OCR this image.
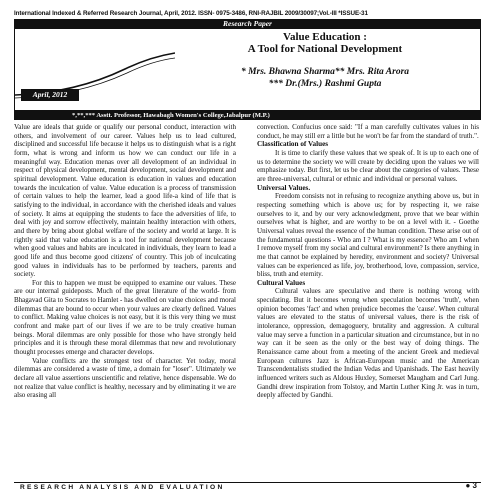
International Indexed & Referred Research Journal, April, 2012. ISSN- 0975-3486, RNI-RAJBIL 2009/30097;Vol.-III *ISSUE-31
Research Paper
Value Education :
A Tool for National Development
* Mrs. Bhawna Sharma** Mrs. Rita Arora
*** Dr.(Mrs.) Rashmi Gupta
April, 2012
*,**,*** Asstt. Professor, Hawabagh Women's College,Jabalpur (M.P.)

Value are ideals that guide or qualify our personal conduct, interaction with others, and involvement of our career. Values help us to lead cultured, disciplined and successful life because it helps us to distinguish what is a right form, what is wrong and inform us how we can conduct our life in a meaningful way. Education menas over all development of an individual in respect of physical development, mental development, social development and spiritual development. Value education is education in values and education towards the inculcation of value. Value education is a process of transmission of certain values to help the learner, lead a good life-a kind of life that is satisfying to the individual, in accordance with the cherished ideals and values of society. It aims at equipping the students to face the adversities of life, to deal with joy and sorrow effectively, maintain healthy interaction with others, and there by bring about global welfare of the society and world at large. It is rightly said that value education is a tool for national development because when good values and habits are inculcated in individuals, they learn to lead a good life and thus become good citizens' of country. This job of inculcating good values in individuals has to be performed by teachers, parents and society.

For this to happen we must be equipped to examine our values. These are our internal guideposts. Much of the great literature of the world- from Bhagavad Gita to Socrates to Hamlet - has dwelled on value choices and moral dilemmas that are bound to occur when your values are clearly defined. Values to conflict. Making value choices is not easy, but it is this very thing we must confront and make part of our lives if we are to be truly creative human beings. Moral dilemmas are only possible for those who have strongly held principles and it is through these moral dilemmas that new and revolutionary thought processes emerge and character develops.

Value conflicts are the strongest test of character. Yet today, moral dilemmas are considered a waste of time, a domain for "loser". Ultimately we declare all value assertions unscientific and relative, hence dispensable. We do not realize that value conflict is healthy, necessary and by eliminating it we are also erasing all

convection. Confucius once said: "If a man carefully cultivates values in his conduct, he may still err a little but he won't be far from the standard of truth.".

Classification of Values

It is time to clarify these values that we speak of. It is up to each one of us to determine the society we will create by deciding upon the values we will emphasize today. But first, let us be clear about the categories of values. These are three-universal, cultural or ethnic and individual or personal values.

Universal Values.

Freedom consists not in refusing to recognize anything above us, but in respecting something which is above us; for by respecting it, we raise ourselves to it, and by our very acknowledgment, prove that we bear within ourselves what is higher, and are worthy to be on a level with it. - Goethe Universal values reveal the essence of the human condition. These arise out of the fundamental questions - Who am I ? What is my essence? Who am I when I remove myself from my social and cultural environment? Is there anything in me that cannot be explained by heredity, environment and society? Universal values can be experienced as life, joy, brotherhood, love, compassion, service, bliss, truth and eternity.

Cultural Values

Cultural values are speculative and there is nothing wrong with speculating. But it becomes wrong when speculation becomes 'truth', when opinion becomes 'fact' and when prejudice becomes the 'cause'. When cultural values are elevated to the status of universal values, there is the risk of intolerance, oppression, demagoguery, brutality and aggression. A cultural value may serve a function in a particular situation and circumstance, but in no way can it be seen as the only or the best way of doing things. The Renaissance came about from a meeting of the ancient Greek and medieval European cultures Jazz is African-European music and the American Transcendentalists studied the Indian Vedas and Upanishads. The East heavily influenced writers such as Aldous Huxley, Somerset Maugham and Carl Jung. Gandhi drew inspiration from Tolstoy, and Martin Luther King Jr. was in turn, deeply affected by Gandhi.

RESEARCH ANALYSIS AND EVALUATION	● 3
